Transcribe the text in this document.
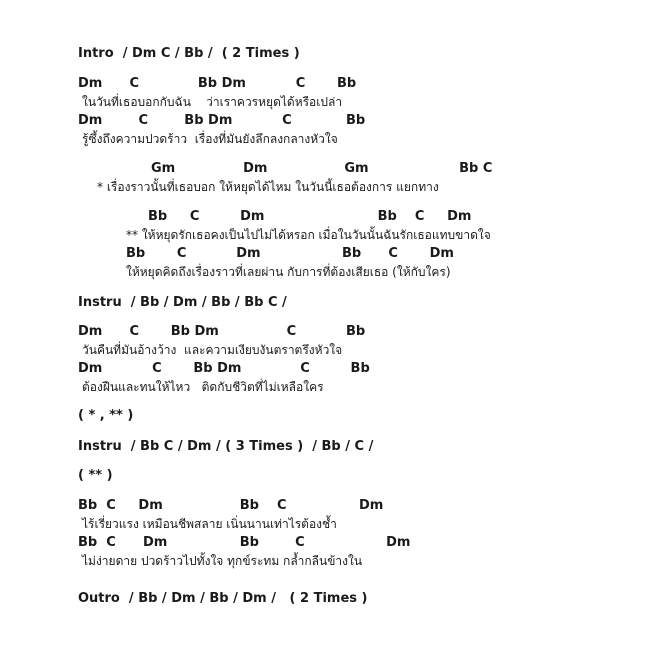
Intro  / Dm C / Bb /  ( 2 Times )
Dm      C             Bb Dm           C       Bb
ในวันที่เธอบอกกับฉัน    ว่าเราควรหยุดได้หรือเปล่า
Dm        C        Bb Dm           C            Bb
รู้ซึ้งถึงความปวดร้าว  เรื่องที่มันยังลึกลงกลางหัวใจ
Gm               Dm                 Gm                    Bb C
* เรื่องราวนั้นที่เธอบอก ให้หยุดได้ไหม ในวันนี้เธอต้องการ แยกทาง
Bb     C         Dm                         Bb    C     Dm
** ให้หยุดรักเธอคงเป็นไปไม่ได้หรอก เมื่อในวันนั้นฉันรักเธอแทบขาดใจ
Bb       C           Dm                  Bb      C       Dm
ให้หยุดคิดถึงเรื่องราวที่เลยผ่าน กับการที่ต้องเสียเธอ (ให้กับใคร)
Instru  / Bb / Dm / Bb / Bb C /
Dm      C       Bb Dm               C           Bb
วันคืนที่มันอ้างว้าง  และความเงียบงันตราตรึงหัวใจ
Dm           C       Bb Dm             C         Bb
ต้องฝืนและทนให้ไหว   ติดกับชีวิตที่ไม่เหลือใคร
( * , ** )
Instru  / Bb C / Dm / ( 3 Times )  / Bb / C /
( ** )
Bb  C     Dm                 Bb    C                Dm
ไร้เรี่ยวแรง เหมือนชีพสลาย เนิ่นนานเท่าไรต้องช้ำ
Bb  C      Dm                Bb        C                  Dm
ไม่ง่ายดาย ปวดร้าวไปทั้งใจ ทุกข์ระทม กล้ำกลืนข้างใน
Outro  / Bb / Dm / Bb / Dm /   ( 2 Times )
